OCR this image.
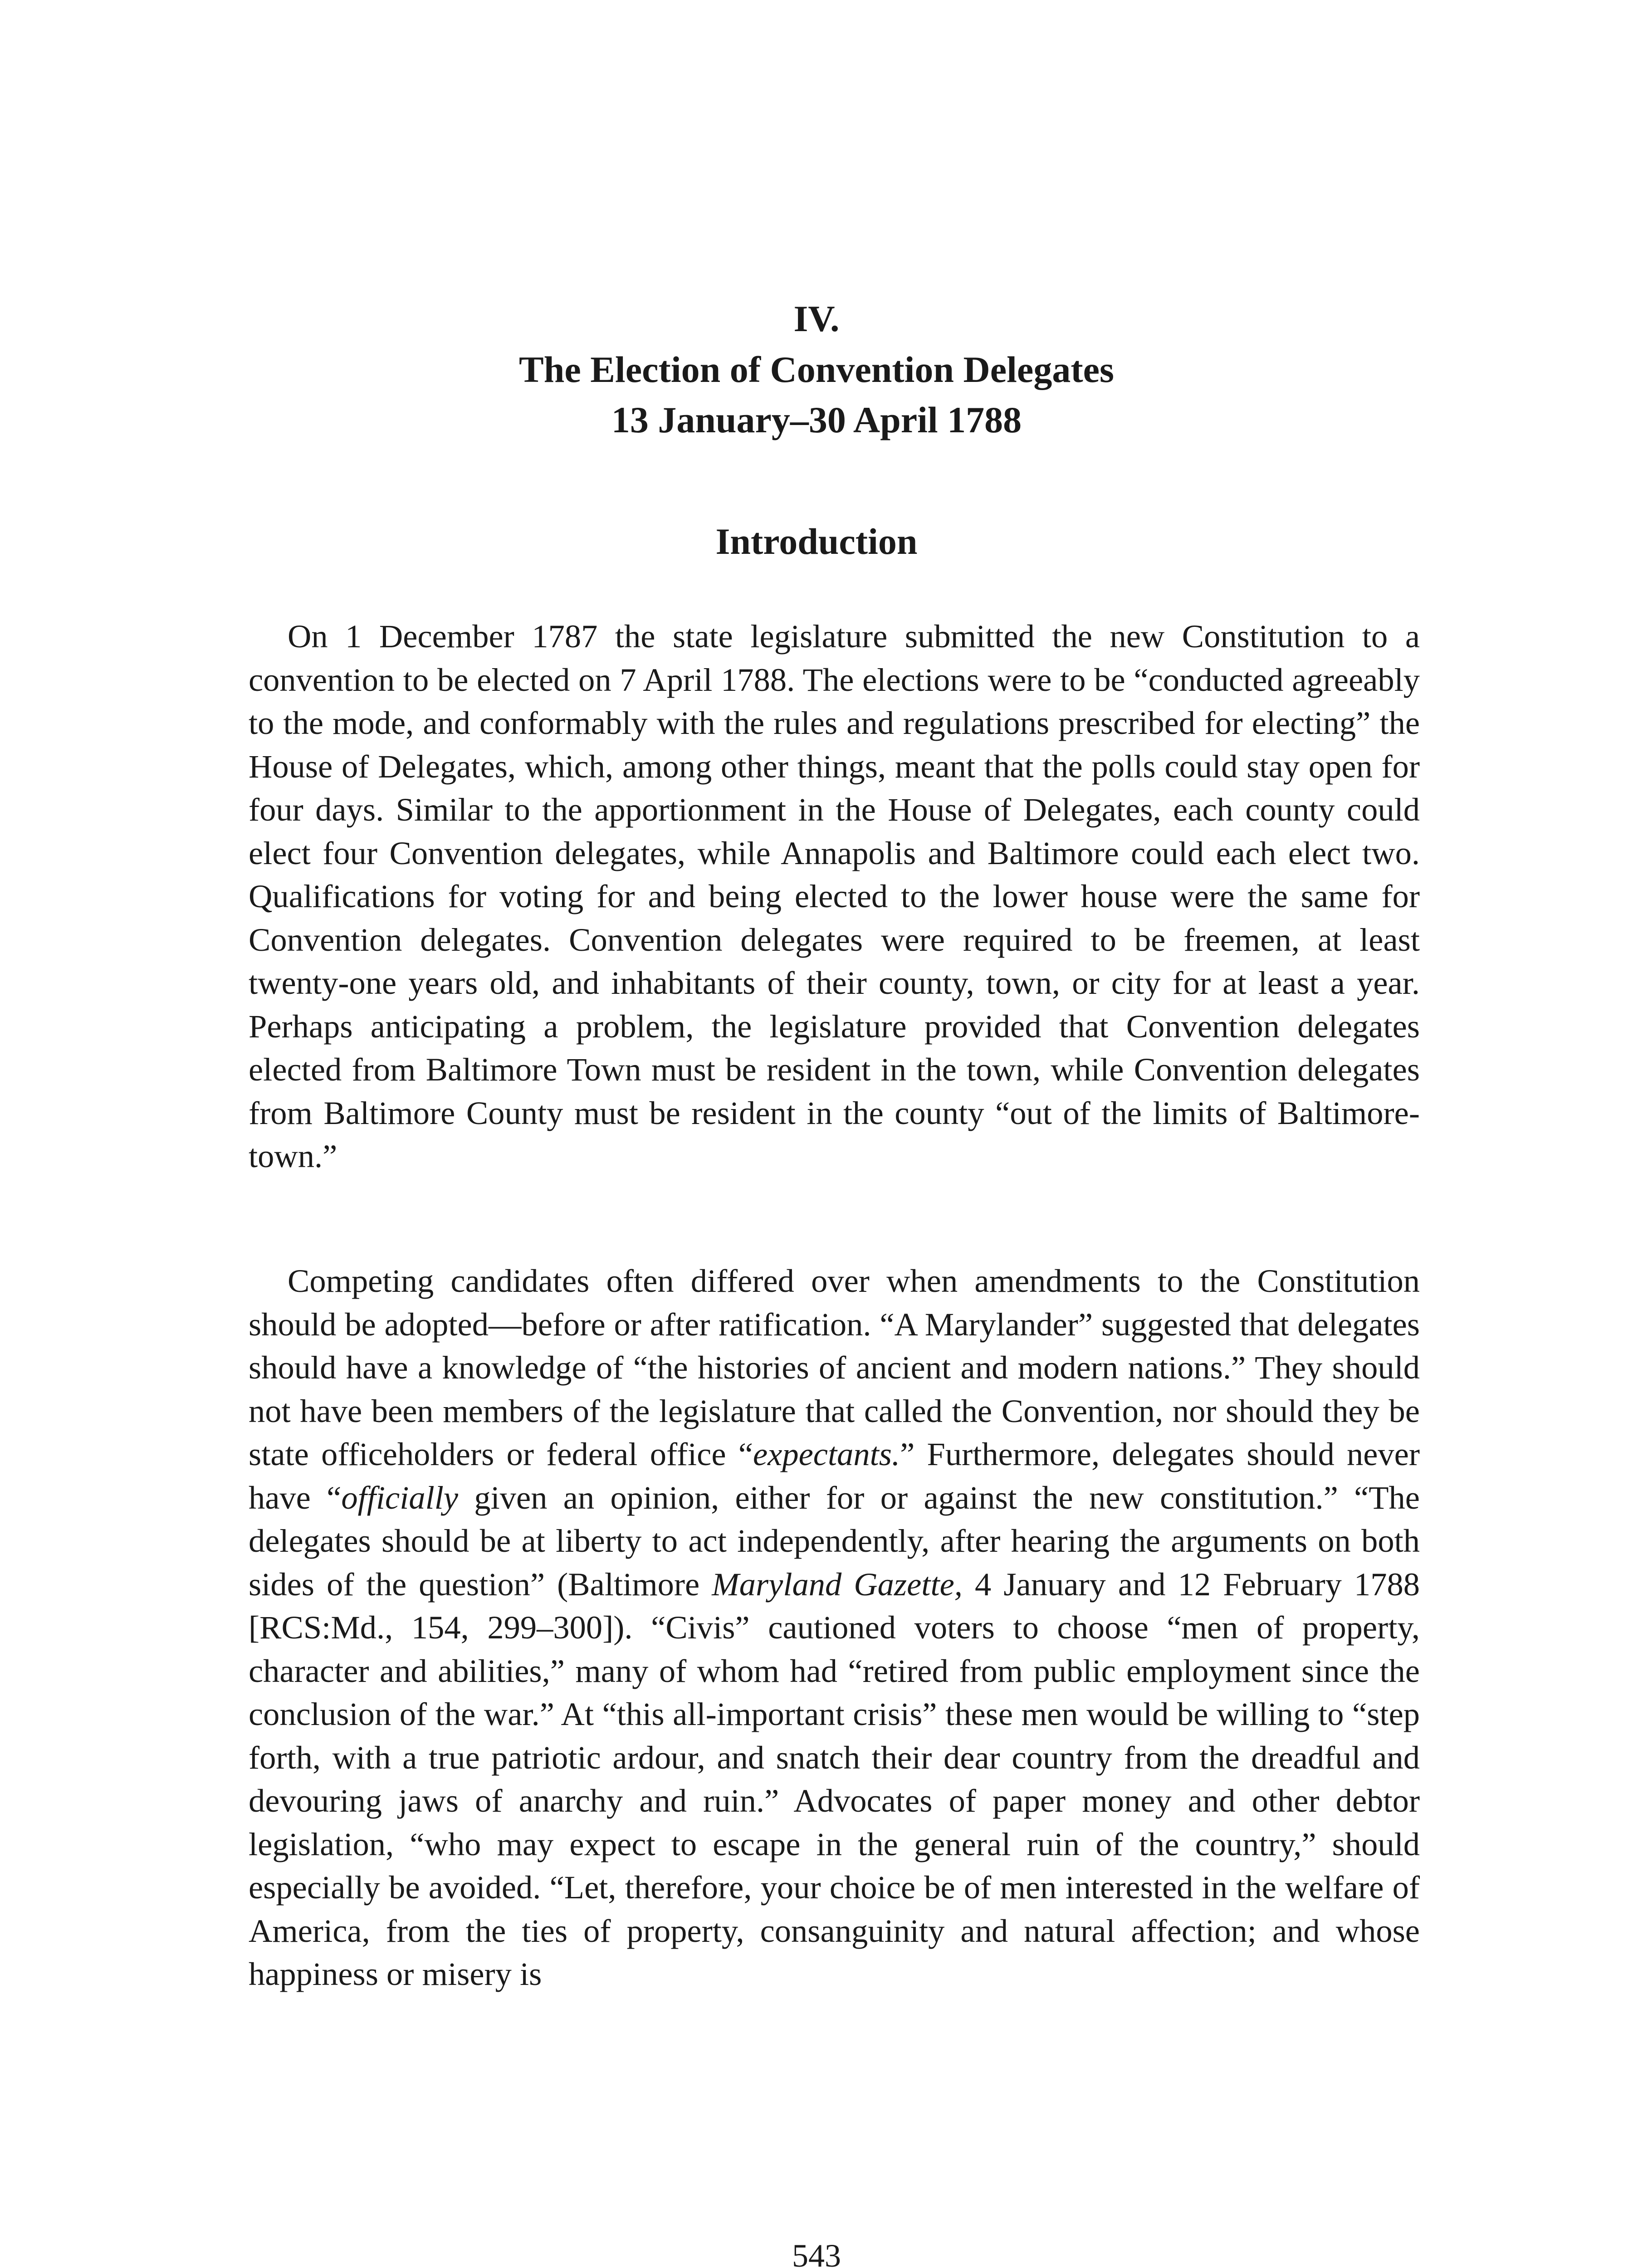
IV.
The Election of Convention Delegates
13 January–30 April 1788
Introduction

On 1 December 1787 the state legislature submitted the new Constitution to a convention to be elected on 7 April 1788. The elections were to be “conducted agreeably to the mode, and conformably with the rules and regulations prescribed for electing” the House of Delegates, which, among other things, meant that the polls could stay open for four days. Similar to the apportionment in the House of Delegates, each county could elect four Convention delegates, while Annapolis and Baltimore could each elect two. Qualifications for voting for and being elected to the lower house were the same for Convention delegates. Convention delegates were required to be freemen, at least twenty-one years old, and inhabitants of their county, town, or city for at least a year. Perhaps anticipating a problem, the legislature provided that Convention delegates elected from Baltimore Town must be resident in the town, while Convention delegates from Baltimore County must be resident in the county “out of the limits of Baltimore-town.”

Competing candidates often differed over when amendments to the Constitution should be adopted—before or after ratification. “A Marylander” suggested that delegates should have a knowledge of “the histories of ancient and modern nations.” They should not have been members of the legislature that called the Convention, nor should they be state officeholders or federal office “expectants.” Furthermore, delegates should never have “officially given an opinion, either for or against the new constitution.” “The delegates should be at liberty to act independently, after hearing the arguments on both sides of the question” (Baltimore Maryland Gazette, 4 January and 12 February 1788 [RCS:Md., 154, 299–300]). “Civis” cautioned voters to choose “men of property, character and abilities,” many of whom had “retired from public employment since the conclusion of the war.” At “this all-important crisis” these men would be willing to “step forth, with a true patriotic ardour, and snatch their dear country from the dreadful and devouring jaws of anarchy and ruin.” Advocates of paper money and other debtor legislation, “who may expect to escape in the general ruin of the country,” should especially be avoided. “Let, therefore, your choice be of men interested in the welfare of America, from the ties of property, consanguinity and natural affection; and whose happiness or misery is

543
